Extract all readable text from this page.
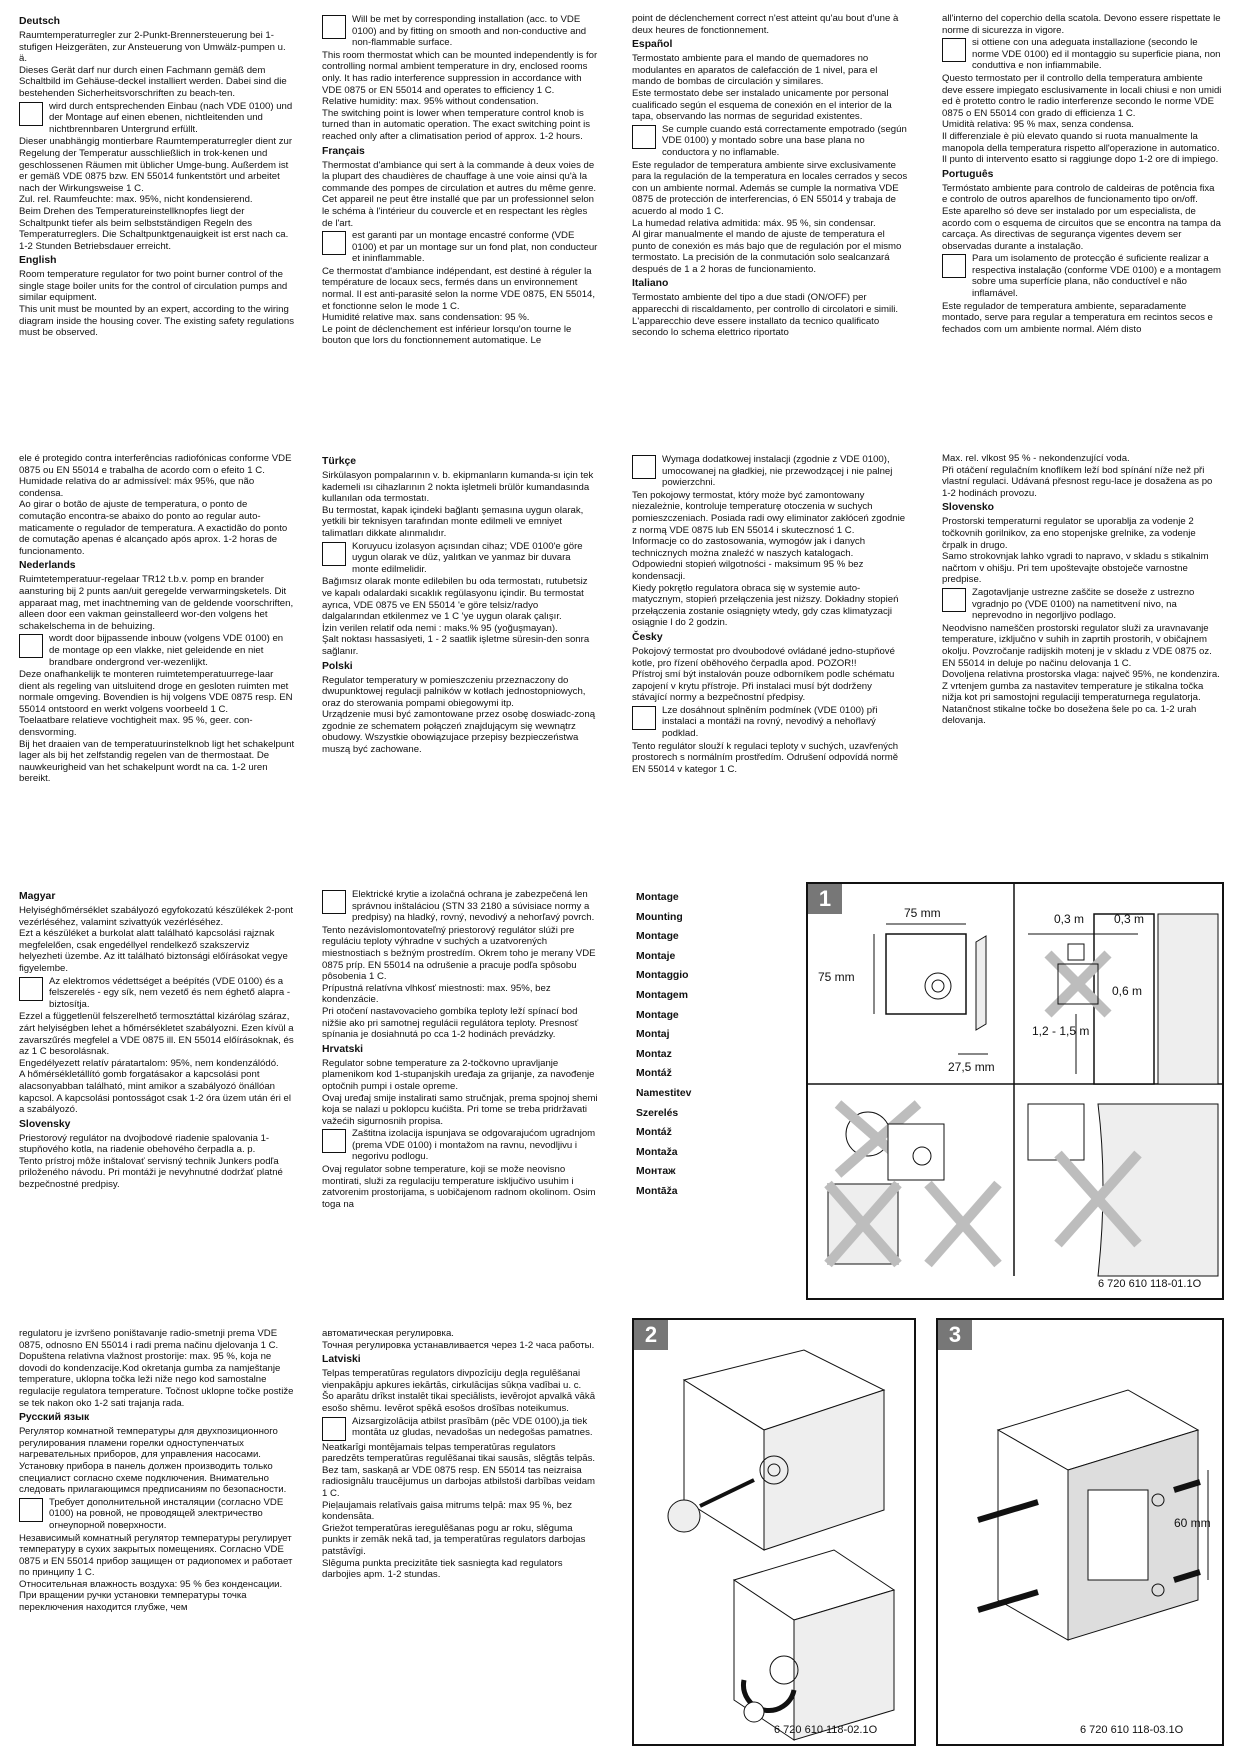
Deutsch

Raumtemperaturregler zur 2-Punkt-Brennersteuerung bei 1-stufigen Heizgeräten, zur Ansteuerung von Umwälz-pumpen u. ä.

Dieses Gerät darf nur durch einen Fachmann gemäß dem Schaltbild im Gehäuse-deckel installiert werden. Dabei sind die bestehenden Sicherheitsvorschriften zu beach-ten.

wird durch entsprechenden Einbau (nach VDE 0100) und der Montage auf einen ebenen, nichtleitenden und nichtbrennbaren Untergrund erfüllt.

Dieser unabhängig montierbare Raumtemperaturregler dient zur Regelung der Temperatur ausschließlich in trok-kenen und geschlossenen Räumen mit üblicher Umge-bung. Außerdem ist er gemäß VDE 0875 bzw. EN 55014 funkentstört und arbeitet nach der Wirkungsweise 1 C.

Zul. rel. Raumfeuchte: max. 95%, nicht kondensierend.

Beim Drehen des Temperatureinstellknopfes liegt der Schaltpunkt tiefer als beim selbstständigen Regeln des Temperaturreglers. Die Schaltpunktgenauigkeit ist erst nach ca. 1-2 Stunden Betriebsdauer erreicht.

English

Room temperature regulator for two point burner control of the single stage boiler units for the control of circulation pumps and similar equipment.

This unit must be mounted by an expert, according to the wiring diagram inside the housing cover. The existing safety regulations must be observed.

Will be met by corresponding installation (acc. to VDE 0100) and by fitting on smooth and non-conductive and non-flammable surface.

This room thermostat which can be mounted independently is for controlling normal ambient temperature in dry, enclosed rooms only. It has radio interference suppression in accordance with VDE 0875 or EN 55014 and operates to efficiency 1 C.

Relative humidity: max. 95% without condensation.

The switching point is lower when temperature control knob is turned than in automatic operation. The exact switching point is reached only after a climatisation period of approx. 1-2 hours.

Français

Thermostat d'ambiance qui sert à la commande à deux voies de la plupart des chaudières de chauffage à une voie ainsi qu'à la commande des pompes de circulation et autres du même genre.

Cet appareil ne peut être installé que par un professionnel selon le schéma à l'intérieur du couvercle et en respectant les règles de l'art.

est garanti par un montage encastré conforme (VDE 0100) et par un montage sur un fond plat, non conducteur et ininflammable.

Ce thermostat d'ambiance indépendant, est destiné à réguler la température de locaux secs, fermés dans un environnement normal. Il est anti-parasité selon la norme VDE 0875, EN 55014, et fonctionne selon le mode 1 C.

Humidité relative max. sans condensation: 95 %.

Le point de déclenchement est inférieur lorsqu'on tourne le bouton que lors du fonctionnement automatique. Le

point de déclenchement correct n'est atteint qu'au bout d'une à deux heures de fonctionnement.

Español

Termostato ambiente para el mando de quemadores no modulantes en aparatos de calefacción de 1 nivel, para el mando de bombas de circulación y similares.

Este termostato debe ser instalado unicamente por personal cualificado según el esquema de conexión en el interior de la tapa, observando las normas de seguridad existentes.

Se cumple cuando está correctamente empotrado (según VDE 0100) y montado sobre una base plana no conductora y no inflamable.

Este regulador de temperatura ambiente sirve exclusivamente para la regulación de la temperatura en locales cerrados y secos con un ambiente normal. Además se cumple la normativa VDE 0875 de protección de interferencias, ó EN 55014 y trabaja de acuerdo al modo 1 C.

La humedad relativa admitida: máx. 95 %, sin condensar.

Al girar manualmente el mando de ajuste de temperatura el punto de conexión es más bajo que de regulación por el mismo termostato. La precisión de la conmutación solo sealcanzará después de 1 a 2 horas de funcionamiento.

Italiano

Termostato ambiente del tipo a due stadi (ON/OFF) per apparecchi di riscaldamento, per controllo di circolatori e simili.

L'apparecchio deve essere installato da tecnico qualificato secondo lo schema elettrico riportato

all'interno del coperchio della scatola. Devono essere rispettate le norme di sicurezza in vigore.

si ottiene con una adeguata installazione (secondo le norme VDE 0100) ed il montaggio su superficie piana, non conduttiva e non infiammabile.

Questo termostato per il controllo della temperatura ambiente deve essere impiegato esclusivamente in locali chiusi e non umidi ed è protetto contro le radio interferenze secondo le norme VDE 0875 o EN 55014 con grado di efficienza 1 C.

Umidità relativa: 95 % max, senza condensa.

Il differenziale è più elevato quando si ruota manualmente la manopola della temperatura rispetto all'operazione in automatico. Il punto di intervento esatto si raggiunge dopo 1-2 ore di impiego.

Português

Termóstato ambiente para controlo de caldeiras de potência fixa e controlo de outros aparelhos de funcionamento tipo on/off.

Este aparelho só deve ser instalado por um especialista, de acordo com o esquema de circuitos que se encontra na tampa da carcaça. As directivas de segurança vigentes devem ser observadas durante a instalação.

Para um isolamento de protecção é suficiente realizar a respectiva instalação (conforme VDE 0100) e a montagem sobre uma superfície plana, não conductível e não inflamável.

Este regulador de temperatura ambiente, separadamente montado, serve para regular a temperatura em recintos secos e fechados com um ambiente normal. Além disto

ele é protegido contra interferências radiofónicas conforme VDE 0875 ou EN 55014 e trabalha de acordo com o efeito 1 C.

Humidade relativa do ar admissível: máx 95%, que não condensa.

Ao girar o botão de ajuste de temperatura, o ponto de comutação encontra-se abaixo do ponto ao regular auto-maticamente o regulador de temperatura. A exactidão do ponto de comutação apenas é alcançado após aprox. 1-2 horas de funcionamento.

Nederlands

Ruimtetemperatuur-regelaar TR12 t.b.v. pomp en brander aansturing bij 2 punts aan/uit geregelde verwarmingsketels. Dit apparaat mag, met inachtneming van de geldende voorschriften, alleen door een vakman geinstalleerd wor-den volgens het schakelschema in de behuizing.

wordt door bijpassende inbouw (volgens VDE 0100) en de montage op een vlakke, niet geleidende en niet brandbare ondergrond ver-wezenlijkt.

Deze onafhankelijk te monteren ruimtetemperatuurrege-laar dient als regeling van uitsluitend droge en gesloten ruimten met normale omgeving. Bovendien is hij volgens VDE 0875 resp. EN 55014 ontstoord en werkt volgens voorbeeld 1 C.

Toelaatbare relatieve vochtigheit max. 95 %, geer. con-densvorming.

Bij het draaien van de temperatuurinstelknob ligt het schakelpunt lager als bij het zelfstandig regelen van de thermostaat. De nauwkeurigheid van het schakelpunt wordt na ca. 1-2 uren bereikt.

Türkçe

Sirkülasyon pompalarının v. b. ekipmanların kumanda-sı için tek kademeli ısı cihazlarının 2 nokta işletmeli brülör kumandasında kullanılan oda termostatı.

Bu termostat, kapak içindeki bağlantı şemasına uygun olarak, yetkili bir teknisyen tarafından monte edilmeli ve emniyet talimatları dikkate alınmalıdır.

Koruyucu izolasyon açısından cihaz; VDE 0100'e göre uygun olarak ve düz, yalıtkan ve yanmaz bir duvara monte edilmelidir.

Bağımsız olarak monte edilebilen bu oda termostatı, rutubetsiz ve kapalı odalardaki sıcaklık regülasyonu içindir. Bu termostat ayrıca, VDE 0875 ve EN 55014 'e göre telsiz/radyo dalgalarından etkilenmez ve 1 C 'ye uygun olarak çalışır.

İzin verilen relatif oda nemi : maks.% 95 (yoğuşmayan).

Şalt noktası hassasiyeti, 1 - 2 saatlik işletme süresin-den sonra sağlanır.

Polski

Regulator temperatury w pomieszczeniu przeznaczony do dwupunktowej regulacji palników w kotłach jednostopniowych, oraz do sterowania pompami obiegowymi itp.

Urządzenie musi być zamontowane przez osobę doswiadc-zoną zgodnie ze schematem połączeń znajdującym się wewnątrz obudowy. Wszystkie obowiązujace przepisy bezpieczeństwa muszą być zachowane.

Wymaga dodatkowej instalacji (zgodnie z VDE 0100), umocowanej na gładkiej, nie przewodzącej i nie palnej powierzchni.

Ten pokojowy termostat, który może być zamontowany niezależnie, kontroluje temperaturę otoczenia w suchych pomieszczeniach. Posiada radi owy eliminator zakłóceń zgodnie z normą VDE 0875 lub EN 55014 i skutecznosć 1 C.

Informacje co do zastosowania, wymogów jak i danych technicznych można znaleźć w naszych katalogach.

Odpowiedni stopień wilgotności - maksimum 95 % bez kondensacji.

Kiedy pokrętło regulatora obraca się w systemie auto-matycznym, stopień przełączenia jest niższy. Dokładny stopień przełączenia zostanie osiągnięty wtedy, gdy czas klimatyzacji osiągnie l do 2 godzin.

Česky

Pokojový termostat pro dvoubodové ovládané jedno-stupňové kotle, pro řízení oběhového čerpadla apod. POZOR!!

Přístroj smí být instalován pouze odborníkem podle schématu zapojení v krytu přístroje. Při instalaci musí být dodrženy stávající normy a bezpečnostní předpisy.

Lze dosáhnout splněním podmínek (VDE 0100) při instalaci a montáži na rovný, nevodivý a nehořlavý podklad.

Tento regulátor slouží k regulaci teploty v suchých, uzavřených prostorech s normálním prostředím. Odrušení odpovídá normě EN 55014 v kategor 1 C.

Max. rel. vlkost 95 % - nekondenzující voda.

Při otáčení regulačním knoflíkem leží bod spínání níže než při vlastní regulaci. Udávaná přesnost regu-lace je dosažena as po 1-2 hodinách provozu.

Slovensko

Prostorski temperaturni regulator se uporablja za vodenje 2 točkovnih gorilnikov, za eno stopenjske grelnike, za vodenje črpalk in drugo.

Samo strokovnjak lahko vgradi to napravo, v skladu s stikalnim načrtom v ohišju. Pri tem upoštevajte obstoječe varnostne predpise.

Zagotavljanje ustrezne zaščite se doseže z ustrezno vgradnjo po (VDE 0100) na nametitvení nivo, na neprevodno in negorljivo podlago.

Neodvisno nameščen prostorski regulator služi za uravnavanje temperature, izključno v suhih in zaprtih prostorih, v običajnem okolju. Povzročanje radijskih motenj je v skladu z VDE 0875 oz. EN 55014 in deluje po načinu delovanja 1 C.

Dovoljena relativna prostorska vlaga: največ 95%, ne kondenzira.

Z vrtenjem gumba za nastavitev temperature je stikalna točka nižja kot pri samostojni regulaciji temperaturnega regulatorja. Natančnost stikalne točke bo dosežena šele po ca. 1-2 urah delovanja.

Magyar

Helyiséghőmérséklet szabályozó egyfokozatú készülékek 2-pont vezérléséhez, valamint szivattyúk vezérléséhez.

Ezt a készüléket a burkolat alatt található kapcsolási rajznak megfelelően, csak engedéllyel rendelkező szakszerviz helyezheti üzembe. Az itt található biztonsági előírásokat vegye figyelembe.

Az elektromos védettséget a beépítés (VDE 0100) és a felszerelés - egy sík, nem vezető és nem éghető alapra - biztosítja.

Ezzel a függetlenül felszerelhető termosztáttal kizárólag száraz, zárt helyiségben lehet a hőmérsékletet szabályozni. Ezen kívül a zavarszűrés megfelel a VDE 0875 ill. EN 55014 előírásoknak, és az 1 C besorolásnak.

Engedélyezett relatív páratartalom: 95%, nem kondenzálódó.

A hőmérsékletállító gomb forgatásakor a kapcsolási pont alacsonyabban található, mint amikor a szabályozó önállóan kapcsol. A kapcsolási pontosságot csak 1-2 óra üzem után éri el a szabályozó.

Slovensky

Priestorový regulátor na dvojbodové riadenie spalovania 1-stupňového kotla, na riadenie obehového čerpadla a. p.

Tento prístroj môže inštalovať servisný technik Junkers podľa priloženého návodu. Pri montáži je nevyhnutné dodržať platné bezpečnostné predpisy.

Elektrické krytie a izolačná ochrana je zabezpečená len správnou inštaláciou (STN 33 2180 a súvisiace normy a predpisy) na hladký, rovný, nevodivý a nehorľavý povrch.

Tento nezávislomontovateľný priestorový regulátor slúži pre reguláciu teploty výhradne v suchých a uzatvorených miestnostiach s bežným prostredím. Okrem toho je merany VDE 0875 príp. EN 55014 na odrušenie a pracuje podľa spôsobu pôsobenia 1 C.

Prípustná relatívna vlhkosť miestnosti: max. 95%, bez kondenzácie.

Pri otočení nastavovacieho gombíka teploty leží spínací bod nižšie ako pri samotnej regulácii regulátora teploty. Presnosť spínania je dosiahnutá po cca 1-2 hodinách prevádzky.

Hrvatski

Regulator sobne temperature za 2-točkovno upravljanje plamenikom kod 1-stupanjskih uređaja za grijanje, za navođenje optočnih pumpi i ostale opreme.

Ovaj uređaj smije instalirati samo stručnjak, prema spojnoj shemi koja se nalazi u poklopcu kućišta. Pri tome se treba pridržavati važećih sigurnosnih propisa.

Zaštitna izolacija ispunjava se odgovarajućom ugradnjom (prema VDE 0100) i montažom na ravnu, nevodljivu i negorivu podlogu.

Ovaj regulator sobne temperature, koji se može neovisno montirati, služi za regulaciju temperature isključivo usuhim i zatvorenim prostorijama, s uobičajenom radnom okolinom. Osim toga na

regulatoru je izvršeno poništavanje radio-smetnji prema VDE 0875, odnosno EN 55014 i radi prema načinu djelovanja 1 C.

Dopuštena relativna vlažnost prostorije: max. 95 %, koja ne dovodi do kondenzacije.Kod okretanja gumba za namještanje temperature, uklopna točka leži niže nego kod samostalne regulacije regulatora temperature. Točnost uklopne točke postiže se tek nakon oko 1-2 sati trajanja rada.

Русский язык

Регулятор комнатной температуры для двухпозиционного регулирования пламени горелки одноступенчатых нагревательных приборов, для управления насосами.

Установку прибора в панель должен производить только специалист согласно схеме подключения. Внимательно следовать прилагающимся предписаниям по безопасности.

Требует дополнительной инсталяции (согласно VDE 0100) на ровной, не проводящей электричество огнеупорной поверхности.

Независимый комнатный регулятор температуры регулирует температуру в сухих закрытых помещениях. Согласно VDE 0875 и EN 55014 прибор защищен от радиопомех и работает по принципу 1 C.

Относительная влажность воздуха: 95 % без конденсации.

При вращении ручки установки температуры точка переключения находится глубже, чем

автоматическая регулировка.

Точная регулировка устанавливается через 1-2 часа работы.

Latviski

Telpas temperatūras regulators divpozīciju degļa regulēšanai vienpakāpju apkures iekārtās, cirkulācijas sūkņa vadībai u. c.

Šo aparātu drīkst instalēt tikai speciālists, ievērojot apvalkā vākā esošo shēmu. Ievērot spēkā esošos drošības noteikumus.

Aizsargizolācija atbilst prasībām (pēc VDE 0100),ja tiek montāta uz gludas, nevadošas un nedegošas pamatnes.

Neatkarīgi montējamais telpas temperatūras regulators paredzēts temperatūras regulēšanai tikai sausās, slēgtās telpās. Bez tam, saskaņā ar VDE 0875 resp. EN 55014 tas neizraisa radiosignālu traucējumus un darbojas atbilstoši darbības veidam 1 C.

Pieļaujamais relatīvais gaisa mitrums telpā: max 95 %, bez kondensāta.

Griežot temperatūras ieregulēšanas pogu ar roku, slēguma punkts ir zemāk nekā tad, ja temperatūras regulators darbojas patstāvīgi.

Slēguma punkta precizitāte tiek sasniegta kad regulators darbojies apm. 1-2 stundas.

Montage
Mounting
Montage
Montaje
Montaggio
Montagem
Montage
Montaj
Montaz
Montáž
Namestitev
Szerelés
Montáž
Montaža
Монтаж
Montāža
1
75 mm
75 mm
27,5 mm
0,3 m 0,3 m
0,6 m
1,2 - 1,5 m
6 720 610 118-01.1O
2
6 720 610 118-02.1O
3
60 mm
6 720 610 118-03.1O
